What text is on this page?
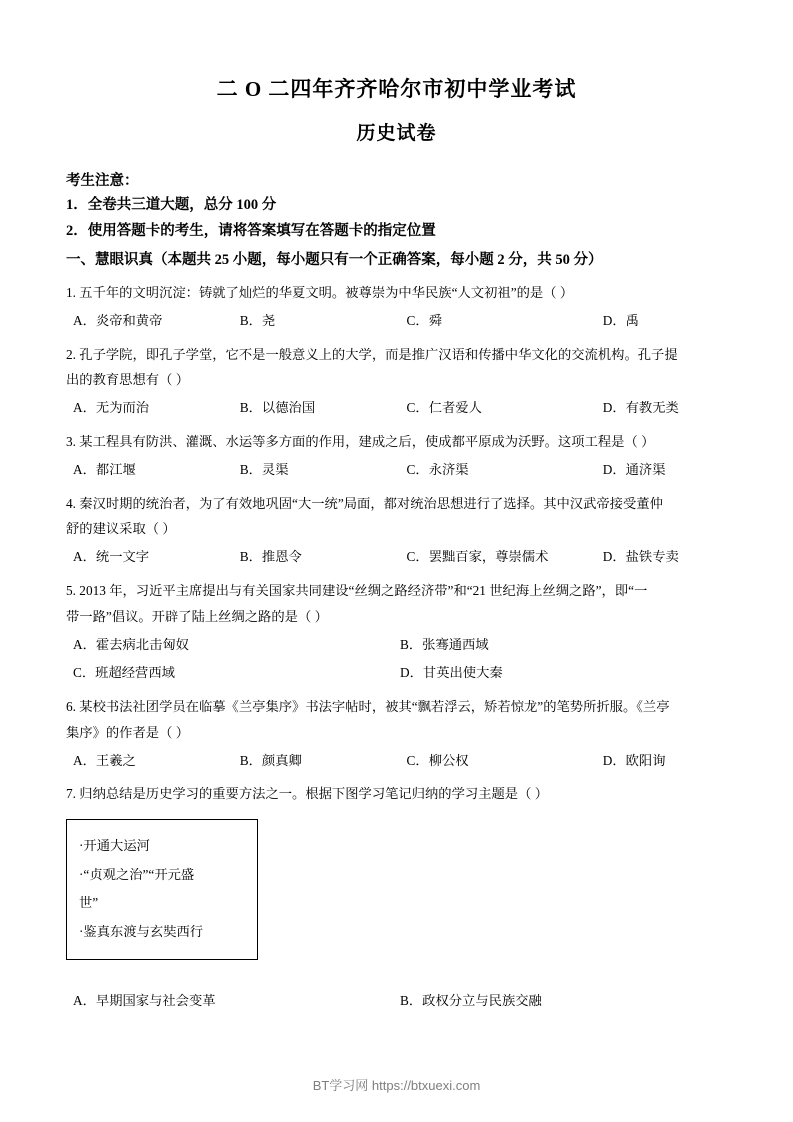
二 O 二四年齐齐哈尔市初中学业考试
历史试卷
考生注意：
1．全卷共三道大题，总分 100 分
2．使用答题卡的考生，请将答案填写在答题卡的指定位置
一、慧眼识真（本题共 25 小题，每小题只有一个正确答案，每小题 2 分，共 50 分）
1. 五千年的文明沉淀：铸就了灿烂的华夏文明。被尊崇为中华民族“人文初祖”的是（ ）
A．炎帝和黄帝	B．尧	C．舜	D．禹
2. 孔子学院，即孔子学堂，它不是一般意义上的大学，而是推广汉语和传播中华文化的交流机构。孔子提
出的教育思想有（ ）
A．无为而治	B．以德治国	C．仁者爱人	D．有教无类
3. 某工程具有防洪、灌溉、水运等多方面的作用，建成之后，使成都平原成为沃野。这项工程是（ ）
A．都江堰	B．灵渠	C．永济渠	D．通济渠
4. 秦汉时期的统治者，为了有效地巩固“大一统”局面，都对统治思想进行了选择。其中汉武帝接受董仲
舒的建议采取（ ）
A．统一文字	B．推恩令	C．罢黜百家，尊崇儒术	D．盐铁专卖
5. 2013 年，习近平主席提出与有关国家共同建设“丝绸之路经济带”和“21 世纪海上丝绸之路”，即“一
带一路”倡议。开辟了陆上丝绸之路的是（ ）
A．霍去病北击匈奴	B．张骞通西域
C．班超经营西域	D．甘英出使大秦
6. 某校书法社团学员在临摹《兰亭集序》书法字帖时，被其“飘若浮云，矫若惊龙”的笔势所折服。《兰亭
集序》的作者是（ ）
A．王羲之	B．颜真卿	C．柳公权	D．欧阳询
7. 归纳总结是历史学习的重要方法之一。根据下图学习笔记归纳的学习主题是（ ）
·开通大运河
·“贞观之治”“开元盛
世”
·鉴真东渡与玄奘西行
A．早期国家与社会变革	B．政权分立与民族交融
BT学习网 https://btxuexi.com
